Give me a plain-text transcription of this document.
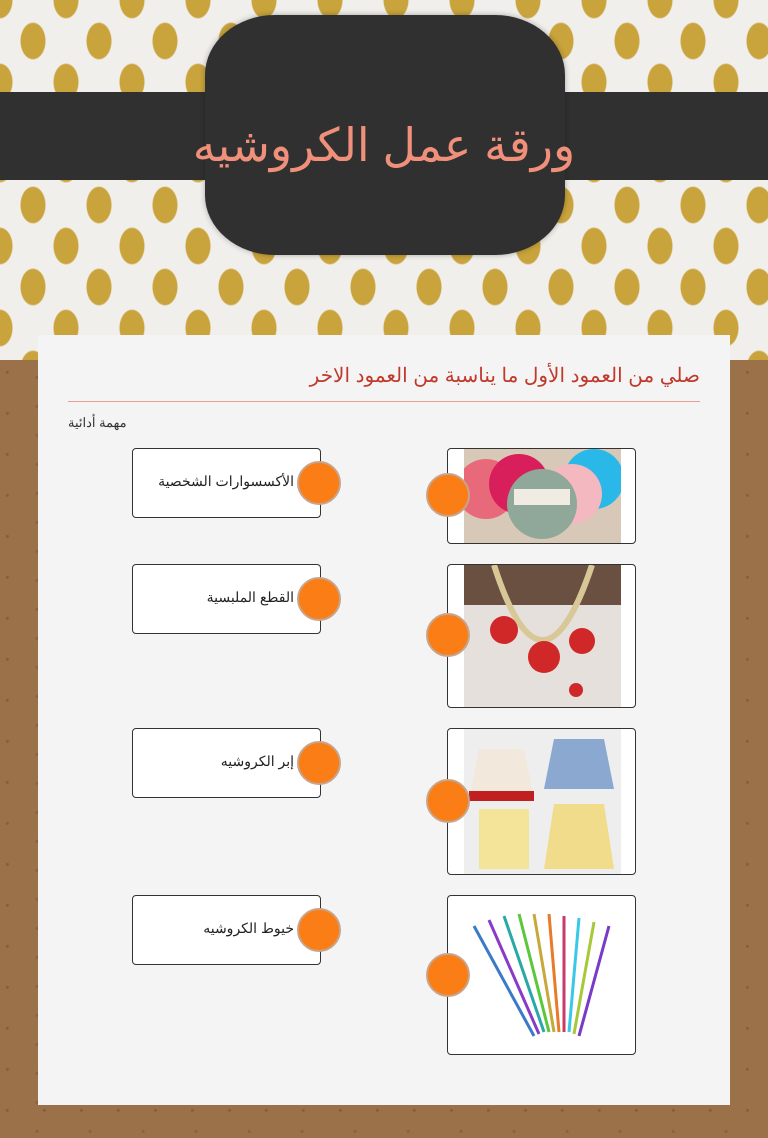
ورقة عمل الكروشيه
صلي من العمود الأول ما يناسبة من العمود الاخر
مهمة أدائية
الأكسسوارات الشخصية
القطع الملبسية
إبر الكروشيه
خيوط الكروشيه
